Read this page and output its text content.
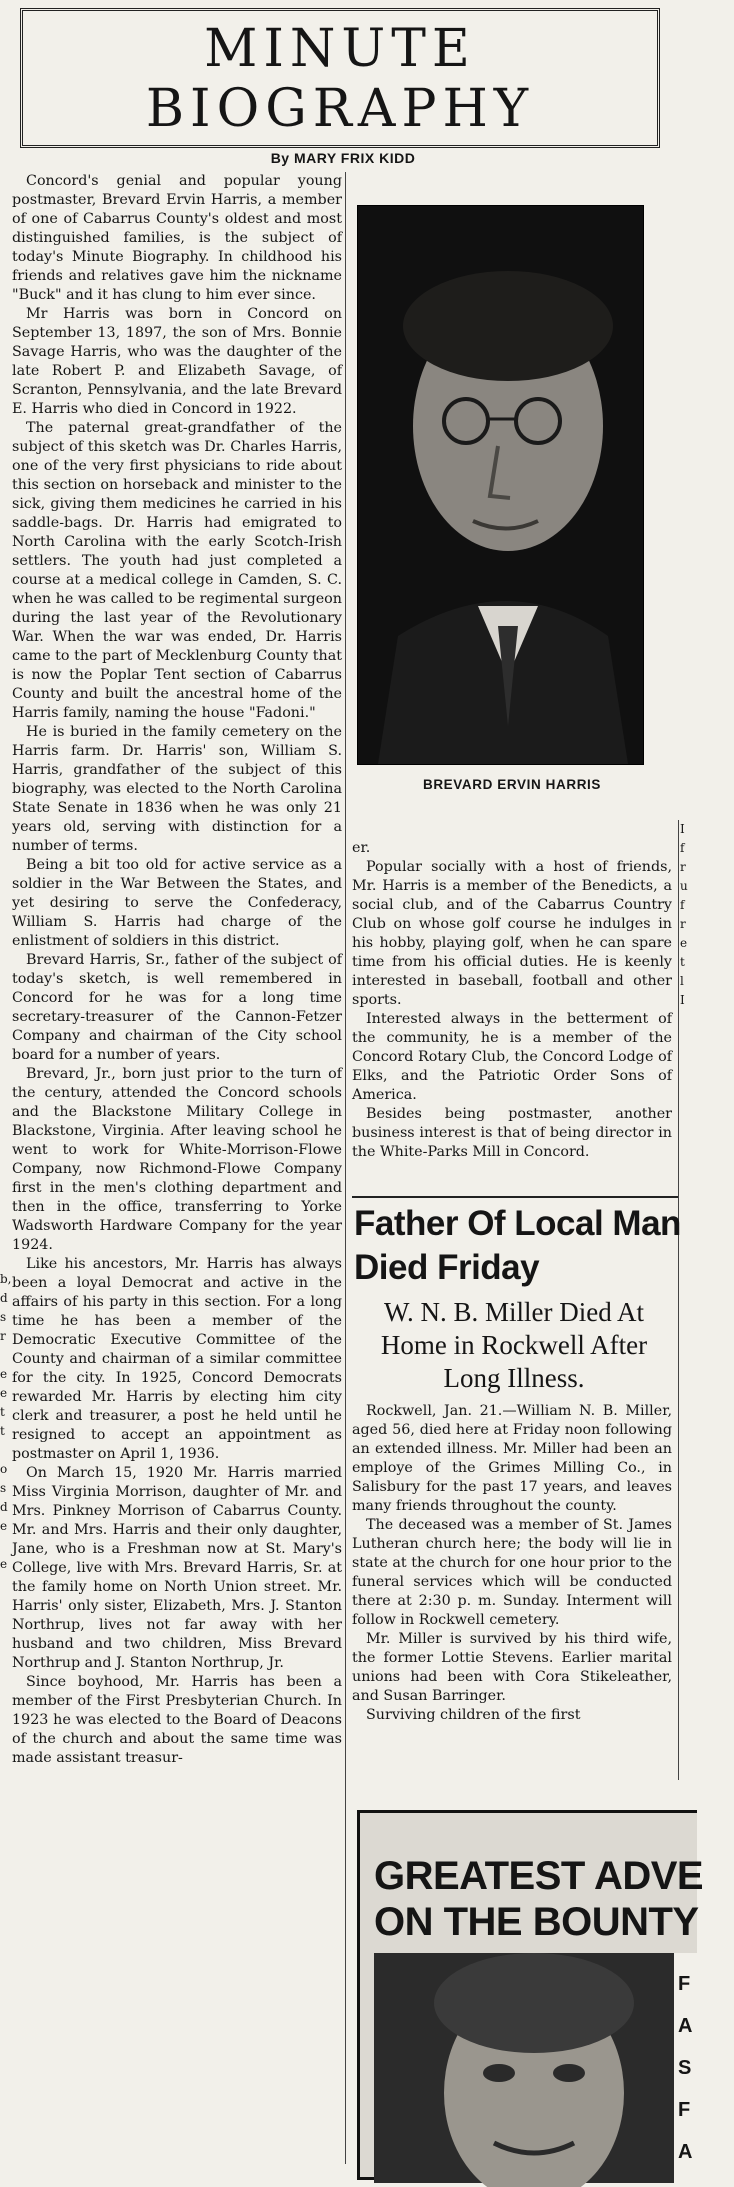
MINUTE
BIOGRAPHY
By MARY FRIX KIDD

Concord's genial and popular young postmaster, Brevard Ervin Harris, a member of one of Cabarrus County's oldest and most distinguished families, is the subject of today's Minute Biography. In childhood his friends and relatives gave him the nickname "Buck" and it has clung to him ever since.

Mr Harris was born in Concord on September 13, 1897, the son of Mrs. Bonnie Savage Harris, who was the daughter of the late Robert P. and Elizabeth Savage, of Scranton, Pennsylvania, and the late Brevard E. Harris who died in Concord in 1922.

The paternal great-grandfather of the subject of this sketch was Dr. Charles Harris, one of the very first physicians to ride about this section on horseback and minister to the sick, giving them medicines he carried in his saddle-bags. Dr. Harris had emigrated to North Carolina with the early Scotch-Irish settlers. The youth had just completed a course at a medical college in Camden, S. C. when he was called to be regimental surgeon during the last year of the Revolutionary War. When the war was ended, Dr. Harris came to the part of Mecklenburg County that is now the Poplar Tent section of Cabarrus County and built the ancestral home of the Harris family, naming the house "Fadoni."

He is buried in the family cemetery on the Harris farm. Dr. Harris' son, William S. Harris, grandfather of the subject of this biography, was elected to the North Carolina State Senate in 1836 when he was only 21 years old, serving with distinction for a number of terms.

Being a bit too old for active service as a soldier in the War Between the States, and yet desiring to serve the Confederacy, William S. Harris had charge of the enlistment of soldiers in this district.

Brevard Harris, Sr., father of the subject of today's sketch, is well remembered in Concord for he was for a long time secretary-treasurer of the Cannon-Fetzer Company and chairman of the City school board for a number of years.

Brevard, Jr., born just prior to the turn of the century, attended the Concord schools and the Blackstone Military College in Blackstone, Virginia. After leaving school he went to work for White-Morrison-Flowe Company, now Richmond-Flowe Company first in the men's clothing department and then in the office, transferring to Yorke Wadsworth Hardware Company for the year 1924.

Like his ancestors, Mr. Harris has always been a loyal Democrat and active in the affairs of his party in this section. For a long time he has been a member of the Democratic Executive Committee of the County and chairman of a similar committee for the city. In 1925, Concord Democrats rewarded Mr. Harris by electing him city clerk and treasurer, a post he held until he resigned to accept an appointment as postmaster on April 1, 1936.

On March 15, 1920 Mr. Harris married Miss Virginia Morrison, daughter of Mr. and Mrs. Pinkney Morrison of Cabarrus County. Mr. and Mrs. Harris and their only daughter, Jane, who is a Freshman now at St. Mary's College, live with Mrs. Brevard Harris, Sr. at the family home on North Union street. Mr. Harris' only sister, Elizabeth, Mrs. J. Stanton Northrup, lives not far away with her husband and two children, Miss Brevard Northrup and J. Stanton Northrup, Jr.

Since boyhood, Mr. Harris has been a member of the First Presbyterian Church. In 1923 he was elected to the Board of Deacons of the church and about the same time was made assistant treasur-

BREVARD ERVIN HARRIS

er.

Popular socially with a host of friends, Mr. Harris is a member of the Benedicts, a social club, and of the Cabarrus Country Club on whose golf course he indulges in his hobby, playing golf, when he can spare time from his official duties. He is keenly interested in baseball, football and other sports.

Interested always in the betterment of the community, he is a member of the Concord Rotary Club, the Concord Lodge of Elks, and the Patriotic Order Sons of America.

Besides being postmaster, another business interest is that of being director in the White-Parks Mill in Concord.

Father Of Local Man Died Friday
W. N. B. Miller Died At Home in Rockwell After Long Illness.

Rockwell, Jan. 21.—William N. B. Miller, aged 56, died here at Friday noon following an extended illness. Mr. Miller had been an employe of the Grimes Milling Co., in Salisbury for the past 17 years, and leaves many friends throughout the county.

The deceased was a member of St. James Lutheran church here; the body will lie in state at the church for one hour prior to the funeral services which will be conducted there at 2:30 p. m. Sunday. Interment will follow in Rockwell cemetery.

Mr. Miller is survived by his third wife, the former Lottie Stevens. Earlier marital unions had been with Cora Stikeleather, and Susan Barringer.

Surviving children of the first

GREATEST ADVE
ON THE BOUNTY
F
A
S
F
A
b,
d
s
r

e
e
t
t

o
s
d
e

e
I
f
r
u
f
r
e
t
l
I
